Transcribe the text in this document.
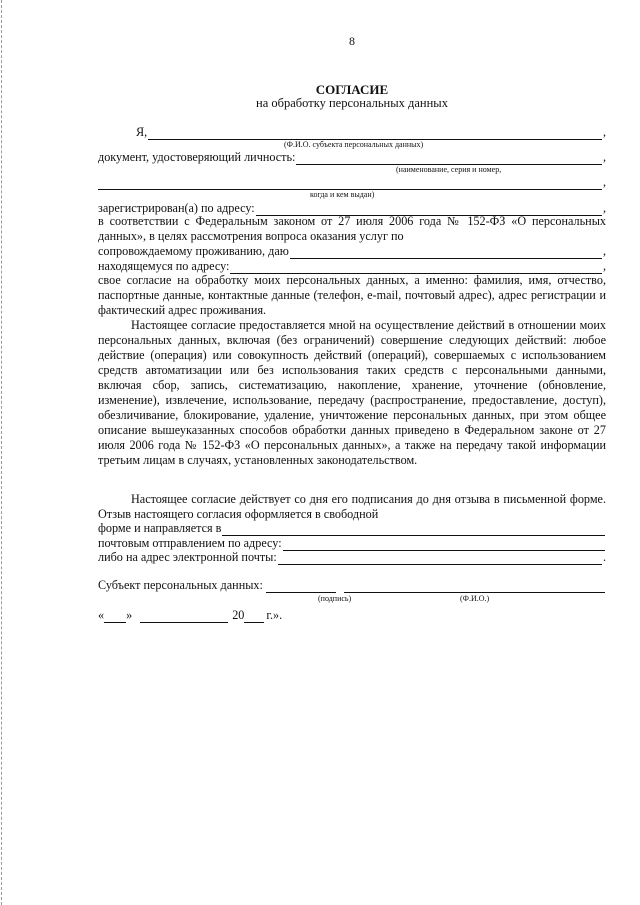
8
СОГЛАСИЕ
на обработку персональных данных
Я,	,
(Ф.И.О. субъекта персональных данных)
документ, удостоверяющий личность:	,
(наименование, серия и номер,
,
когда и кем выдан)
зарегистрирован(а) по адресу:	,
в соответствии с Федеральным законом от 27 июля 2006 года № 152-ФЗ «О персональных данных», в целях рассмотрения вопроса оказания услуг по
сопровождаемому проживанию, даю	,
находящемуся по адресу:	,
свое согласие на обработку моих персональных данных, а именно: фамилия, имя, отчество, паспортные данные, контактные данные (телефон, e-mail, почтовый адрес), адрес регистрации и фактический адрес проживания.
Настоящее согласие предоставляется мной на осуществление действий в отношении моих персональных данных, включая (без ограничений) совершение следующих действий: любое действие (операция) или совокупность действий (операций), совершаемых с использованием средств автоматизации или без использования таких средств с персональными данными, включая сбор, запись, систематизацию, накопление, хранение, уточнение (обновление, изменение), извлечение, использование, передачу (распространение, предоставление, доступ), обезличивание, блокирование, удаление, уничтожение персональных данных, при этом общее описание вышеуказанных способов обработки данных приведено в Федеральном законе от 27 июля 2006 года № 152-ФЗ «О персональных данных», а также на передачу такой информации третьим лицам в случаях, установленных законодательством.
Настоящее согласие действует со дня его подписания до дня отзыва в письменной форме. Отзыв настоящего согласия оформляется в свободной
форме и направляется в
почтовым отправлением по адресу:
либо на адрес электронной почты:	.
Субъект персональных данных:
(подпись)	(Ф.И.О.)
« »	20 г.».
